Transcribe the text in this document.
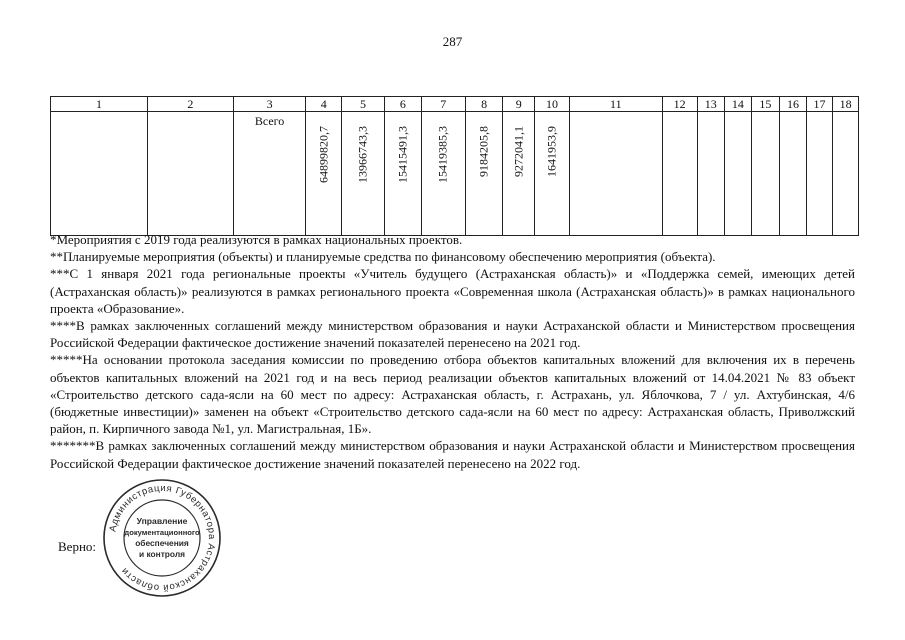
287
1	2	3	4	5	6	7	8	9	10	11	12	13	14	15	16	17	18
		Всего	64899820,7	13966743,3	15415491,3	15419385,3	9184205,8	9272041,1	1641953,9								

*Мероприятия с 2019 года реализуются в рамках национальных проектов.

**Планируемые мероприятия (объекты) и планируемые средства по финансовому обеспечению мероприятия (объекта).

***С 1 января 2021 года региональные проекты «Учитель будущего (Астраханская область)» и «Поддержка семей, имеющих детей (Астраханская область)» реализуются в рамках регионального проекта «Современная школа (Астраханская область)» в рамках национального проекта «Образование».

****В рамках заключенных соглашений между министерством образования и науки Астраханской области и Министерством просвещения Российской Федерации фактическое достижение значений показателей перенесено на 2021 год.

*****На основании протокола заседания комиссии по проведению отбора объектов капитальных вложений для включения их в перечень объектов капитальных вложений на 2021 год и на весь период реализации объектов капитальных вложений от 14.04.2021 № 83 объект «Строительство детского сада-ясли на 60 мест по адресу: Астраханская область, г. Астрахань, ул. Яблочкова, 7 / ул. Ахтубинская, 4/6 (бюджетные инвестиции)» заменен на объект «Строительство детского сада-ясли на 60 мест по адресу: Астраханская область, Приволжский район, п. Кирпичного завода №1, ул. Магистральная, 1Б».

*******В рамках заключенных соглашений между министерством образования и науки Астраханской области и Министерством просвещения Российской Федерации фактическое достижение значений показателей перенесено на 2022 год.

Верно:
Администрация Губернатора Астраханской области
Управление
документационного
обеспечения
и контроля
